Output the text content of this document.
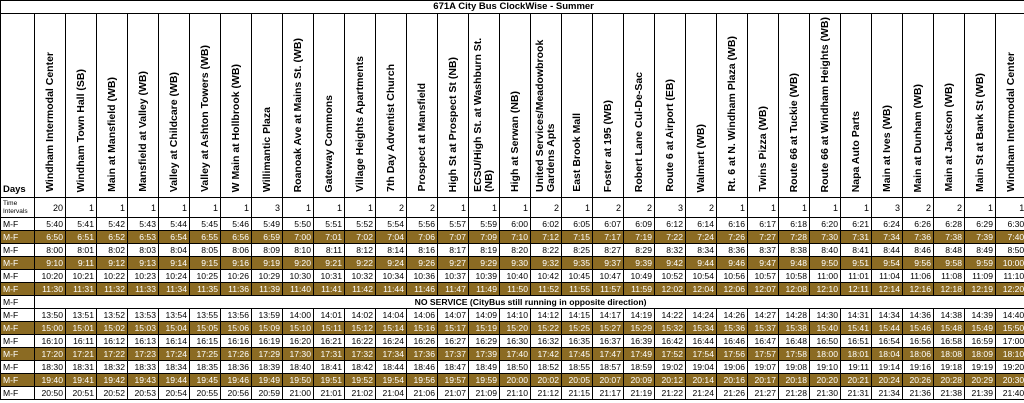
671A City Bus ClockWise - Summer																																
Days	Windham Intermodal Center	Windham Town Hall (SB)	Main at Mansfield (WB)	Mansfield at Valley (WB)	Valley at Childcare (WB)	Valley at Ashton Towers (WB)	W Main at Hollbrook (WB)	Willimantic Plaza	Roanoak Ave at Mains St. (WB)	Gateway Commons	Village Heights Apartments	7th Day Adventist Church	Prospect at Mansfield	High St at Prospect St (NB)	ECSU/High St. at Washburn St. (NB)	High at Serwan (NB)	United Services/Meadowbrook Gardens Apts	East Brook Mall	Foster at 195 (WB)	Robert Lane Cul-De-Sac	Route 6 at Airport (EB)	Walmart (WB)	Rt. 6 at N. Windham Plaza (WB)	Twins Pizza (WB)	Route 66 at Tuckie (WB)	Route 66 at Windham Heights (WB)	Napa Auto Parts	Main at Ives (WB)	Main at Dunham (WB)	Main at Jackson (WB)	Main St at Bank St (WB)	Windham Intermodal Center
Time Intervals	20	1	1	1	1	1	1	3	1	1	1	2	2	1	1	1	2	1	2	2	3	2	1	1	1	1	1	3	2	2	1	1
M-F	5:40	5:41	5:42	5:43	5:44	5:45	5:46	5:49	5:50	5:51	5:52	5:54	5:56	5:57	5:59	6:00	6:02	6:05	6:07	6:09	6:12	6:14	6:16	6:17	6:18	6:20	6:21	6:24	6:26	6:28	6:29	6:30
M-F	6:50	6:51	6:52	6:53	6:54	6:55	6:56	6:59	7:00	7:01	7:02	7:04	7:06	7:07	7:09	7:10	7:12	7:15	7:17	7:19	7:22	7:24	7:26	7:27	7:28	7:30	7:31	7:34	7:36	7:38	7:39	7:40
M-F	8:00	8:01	8:02	8:03	8:04	8:05	8:06	8:09	8:10	8:11	8:12	8:14	8:16	8:17	8:19	8:20	8:22	8:25	8:27	8:29	8:32	8:34	8:36	8:37	8:38	8:40	8:41	8:44	8:46	8:48	8:49	8:50
M-F	9:10	9:11	9:12	9:13	9:14	9:15	9:16	9:19	9:20	9:21	9:22	9:24	9:26	9:27	9:29	9:30	9:32	9:35	9:37	9:39	9:42	9:44	9:46	9:47	9:48	9:50	9:51	9:54	9:56	9:58	9:59	10:00
M-F	10:20	10:21	10:22	10:23	10:24	10:25	10:26	10:29	10:30	10:31	10:32	10:34	10:36	10:37	10:39	10:40	10:42	10:45	10:47	10:49	10:52	10:54	10:56	10:57	10:58	11:00	11:01	11:04	11:06	11:08	11:09	11:10
M-F	11:30	11:31	11:32	11:33	11:34	11:35	11:36	11:39	11:40	11:41	11:42	11:44	11:46	11:47	11:49	11:50	11:52	11:55	11:57	11:59	12:02	12:04	12:06	12:07	12:08	12:10	12:11	12:14	12:16	12:18	12:19	12:20
M-F	NO SERVICE (CityBus still running in opposite direction)																															
M-F	13:50	13:51	13:52	13:53	13:54	13:55	13:56	13:59	14:00	14:01	14:02	14:04	14:06	14:07	14:09	14:10	14:12	14:15	14:17	14:19	14:22	14:24	14:26	14:27	14:28	14:30	14:31	14:34	14:36	14:38	14:39	14:40
M-F	15:00	15:01	15:02	15:03	15:04	15:05	15:06	15:09	15:10	15:11	15:12	15:14	15:16	15:17	15:19	15:20	15:22	15:25	15:27	15:29	15:32	15:34	15:36	15:37	15:38	15:40	15:41	15:44	15:46	15:48	15:49	15:50
M-F	16:10	16:11	16:12	16:13	16:14	16:15	16:16	16:19	16:20	16:21	16:22	16:24	16:26	16:27	16:29	16:30	16:32	16:35	16:37	16:39	16:42	16:44	16:46	16:47	16:48	16:50	16:51	16:54	16:56	16:58	16:59	17:00
M-F	17:20	17:21	17:22	17:23	17:24	17:25	17:26	17:29	17:30	17:31	17:32	17:34	17:36	17:37	17:39	17:40	17:42	17:45	17:47	17:49	17:52	17:54	17:56	17:57	17:58	18:00	18:01	18:04	18:06	18:08	18:09	18:10
M-F	18:30	18:31	18:32	18:33	18:34	18:35	18:36	18:39	18:40	18:41	18:42	18:44	18:46	18:47	18:49	18:50	18:52	18:55	18:57	18:59	19:02	19:04	19:06	19:07	19:08	19:10	19:11	19:14	19:16	19:18	19:19	19:20
M-F	19:40	19:41	19:42	19:43	19:44	19:45	19:46	19:49	19:50	19:51	19:52	19:54	19:56	19:57	19:59	20:00	20:02	20:05	20:07	20:09	20:12	20:14	20:16	20:17	20:18	20:20	20:21	20:24	20:26	20:28	20:29	20:30
M-F	20:50	20:51	20:52	20:53	20:54	20:55	20:56	20:59	21:00	21:01	21:02	21:04	21:06	21:07	21:09	21:10	21:12	21:15	21:17	21:19	21:22	21:24	21:26	21:27	21:28	21:30	21:31	21:34	21:36	21:38	21:39	21:40
